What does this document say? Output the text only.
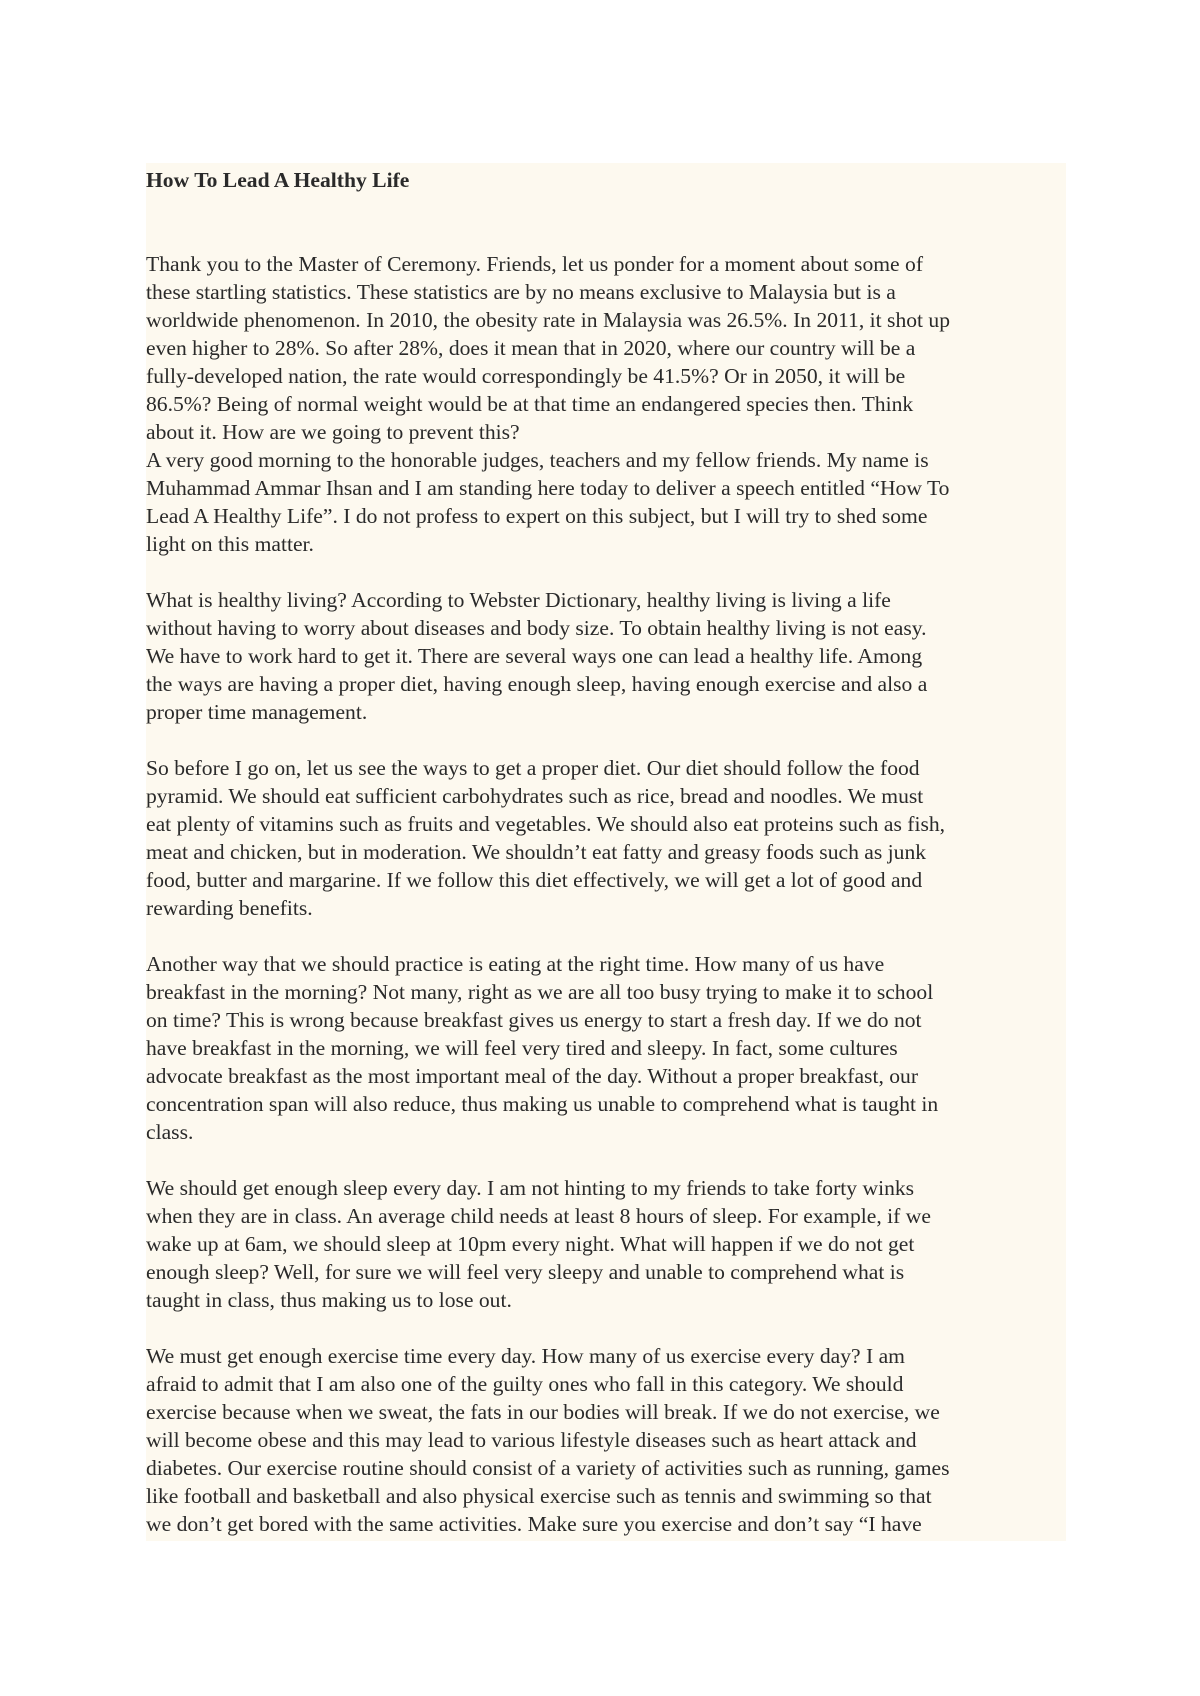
How To Lead A Healthy Life
Thank you to the Master of Ceremony. Friends, let us ponder for a moment about some of
these startling statistics. These statistics are by no means exclusive to Malaysia but is a
worldwide phenomenon. In 2010, the obesity rate in Malaysia was 26.5%. In 2011, it shot up
even higher to 28%. So after 28%, does it mean that in 2020, where our country will be a
fully-developed nation, the rate would correspondingly be 41.5%? Or in 2050, it will be
86.5%? Being of normal weight would be at that time an endangered species then. Think
about it. How are we going to prevent this?
A very good morning to the honorable judges, teachers and my fellow friends. My name is
Muhammad Ammar Ihsan and I am standing here today to deliver a speech entitled “How To
Lead A Healthy Life”. I do not profess to expert on this subject, but I will try to shed some
light on this matter.
What is healthy living? According to Webster Dictionary, healthy living is living a life
without having to worry about diseases and body size. To obtain healthy living is not easy.
We have to work hard to get it. There are several ways one can lead a healthy life. Among
the ways are having a proper diet, having enough sleep, having enough exercise and also a
proper time management.
So before I go on, let us see the ways to get a proper diet. Our diet should follow the food
pyramid. We should eat sufficient carbohydrates such as rice, bread and noodles. We must
eat plenty of vitamins such as fruits and vegetables. We should also eat proteins such as fish,
meat and chicken, but in moderation. We shouldn’t eat fatty and greasy foods such as junk
food, butter and margarine. If we follow this diet effectively, we will get a lot of good and
rewarding benefits.
Another way that we should practice is eating at the right time. How many of us have
breakfast in the morning? Not many, right as we are all too busy trying to make it to school
on time? This is wrong because breakfast gives us energy to start a fresh day. If we do not
have breakfast in the morning, we will feel very tired and sleepy. In fact, some cultures
advocate breakfast as the most important meal of the day. Without a proper breakfast, our
concentration span will also reduce, thus making us unable to comprehend what is taught in
class.
We should get enough sleep every day. I am not hinting to my friends to take forty winks
when they are in class. An average child needs at least 8 hours of sleep. For example, if we
wake up at 6am, we should sleep at 10pm every night. What will happen if we do not get
enough sleep? Well, for sure we will feel very sleepy and unable to comprehend what is
taught in class, thus making us to lose out.
We must get enough exercise time every day. How many of us exercise every day? I am
afraid to admit that I am also one of the guilty ones who fall in this category. We should
exercise because when we sweat, the fats in our bodies will break. If we do not exercise, we
will become obese and this may lead to various lifestyle diseases such as heart attack and
diabetes. Our exercise routine should consist of a variety of activities such as running, games
like football and basketball and also physical exercise such as tennis and swimming so that
we don’t get bored with the same activities. Make sure you exercise and don’t say “I have
